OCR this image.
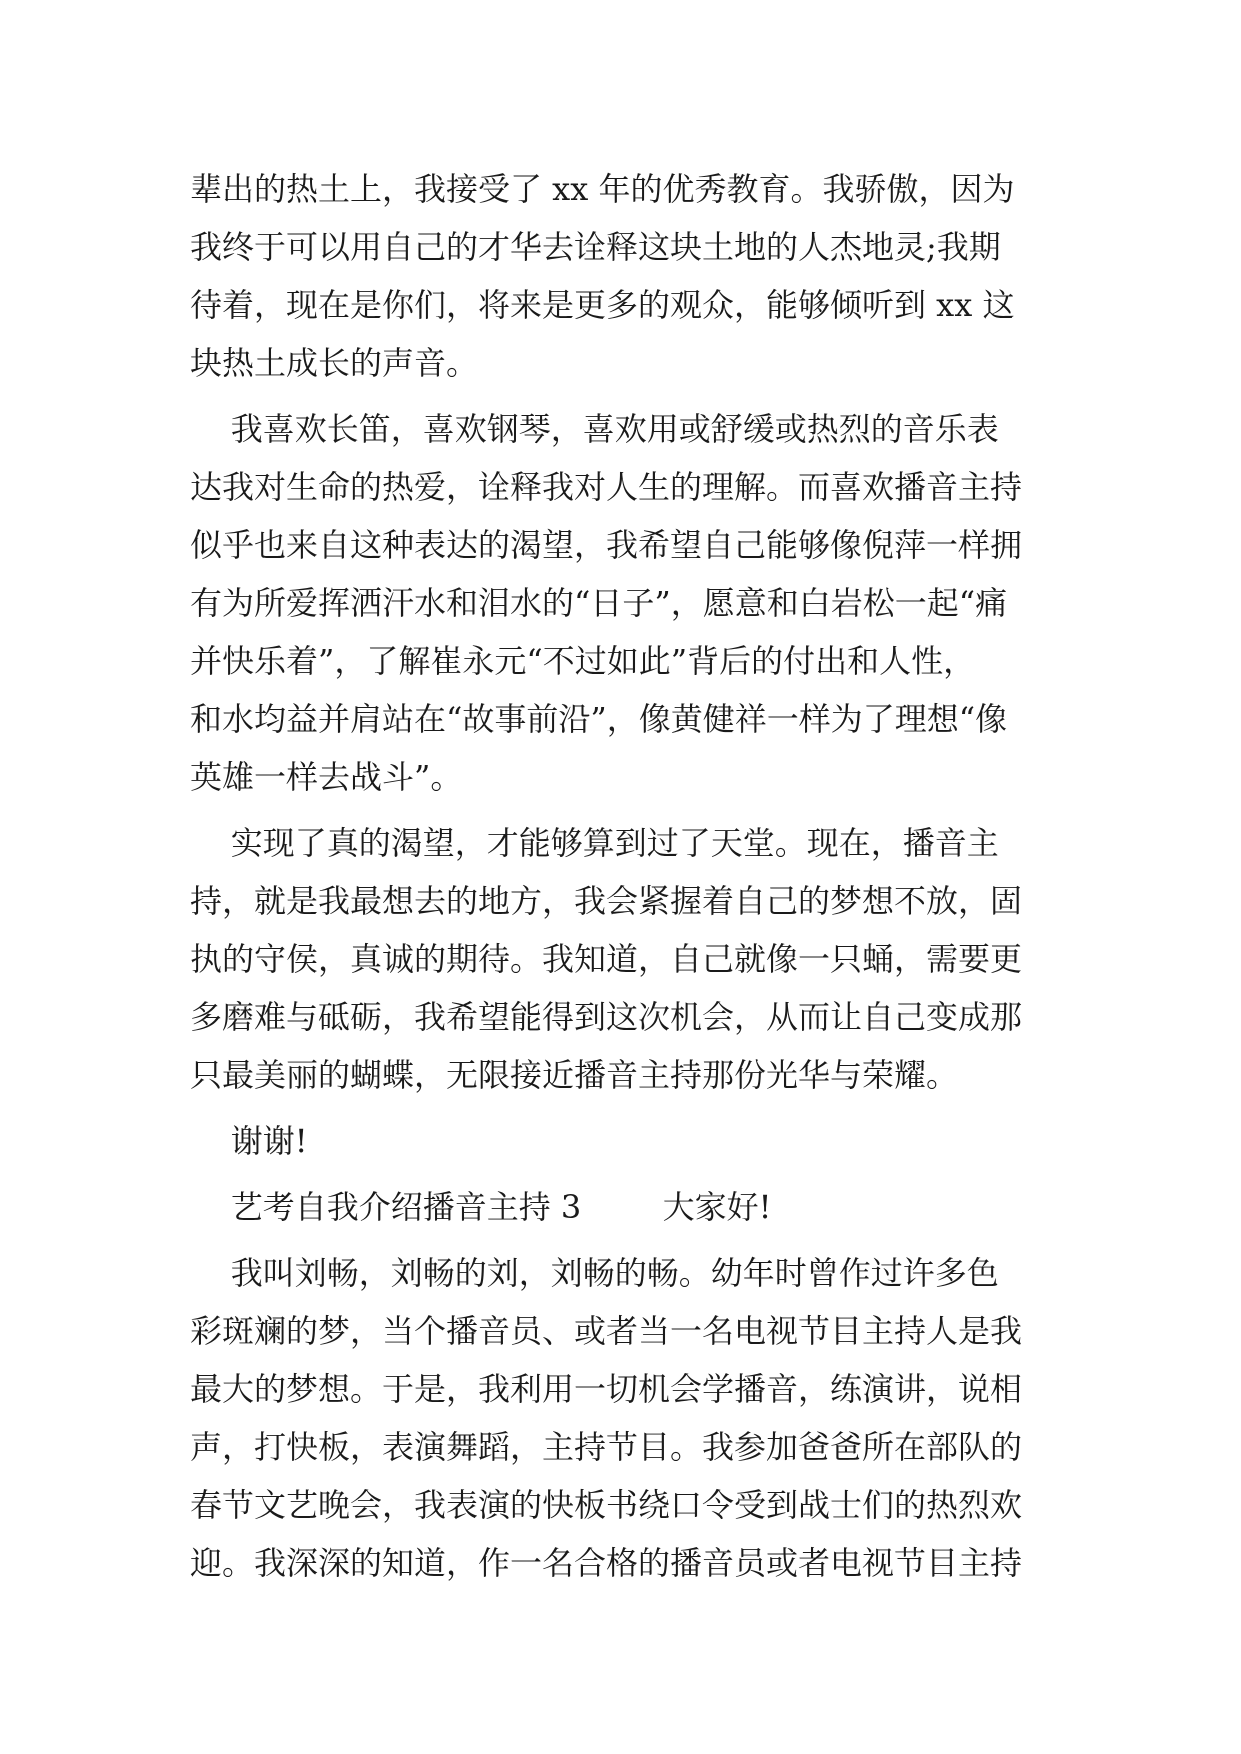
辈出的热土上，我接受了 xx 年的优秀教育。我骄傲，因为
我终于可以用自己的才华去诠释这块土地的人杰地灵;我期
待着，现在是你们，将来是更多的观众，能够倾听到 xx 这
块热土成长的声音。
我喜欢长笛，喜欢钢琴，喜欢用或舒缓或热烈的音乐表
达我对生命的热爱，诠释我对人生的理解。而喜欢播音主持
似乎也来自这种表达的渴望，我希望自己能够像倪萍一样拥
有为所爱挥洒汗水和泪水的“日子”，愿意和白岩松一起“痛
并快乐着”，了解崔永元“不过如此”背后的付出和人性，
和水均益并肩站在“故事前沿”，像黄健祥一样为了理想“像
英雄一样去战斗”。
实现了真的渴望，才能够算到过了天堂。现在，播音主
持，就是我最想去的地方，我会紧握着自己的梦想不放，固
执的守侯，真诚的期待。我知道，自己就像一只蛹，需要更
多磨难与砥砺，我希望能得到这次机会，从而让自己变成那
只最美丽的蝴蝶，无限接近播音主持那份光华与荣耀。
谢谢!
艺考自我介绍播音主持 3        大家好!
我叫刘畅，刘畅的刘，刘畅的畅。幼年时曾作过许多色
彩斑斓的梦，当个播音员、或者当一名电视节目主持人是我
最大的梦想。于是，我利用一切机会学播音，练演讲，说相
声，打快板，表演舞蹈，主持节目。我参加爸爸所在部队的
春节文艺晚会，我表演的快板书绕口令受到战士们的热烈欢
迎。我深深的知道，作一名合格的播音员或者电视节目主持
